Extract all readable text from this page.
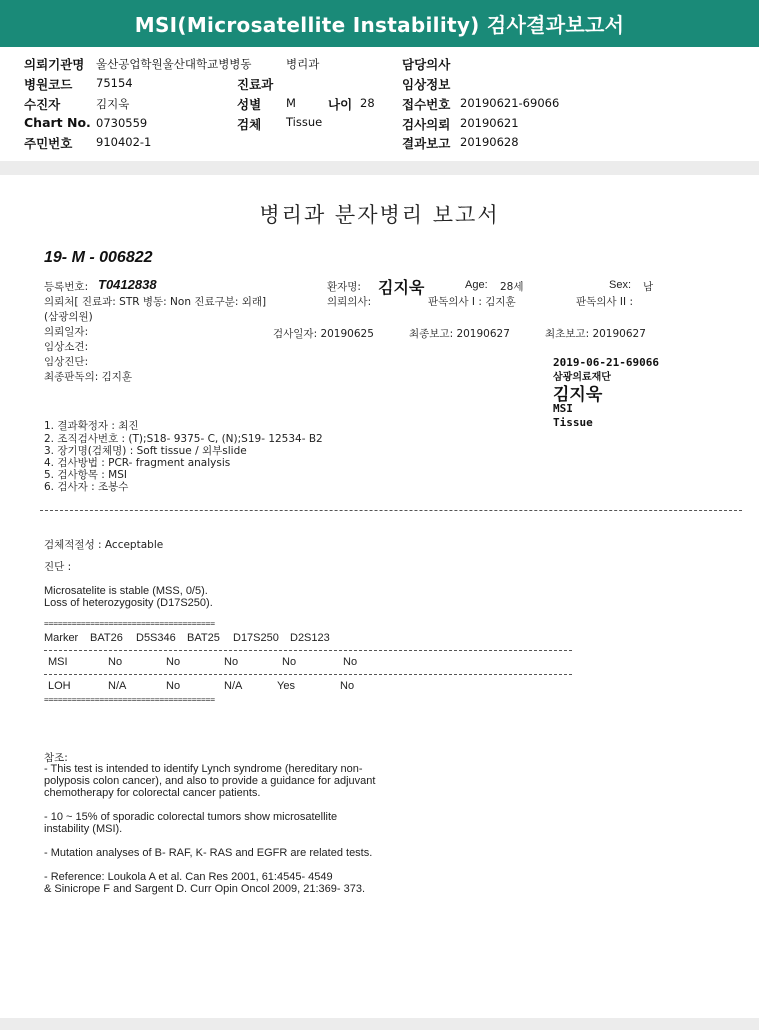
MSI(Microsatellite Instability) 검사결과보고서
의뢰기관명 울산공업학원울산대학교병병동	병리과	담당의사
병원코드 75154	진료과	임상정보
수진자	김지욱	성별 M	나이 28 접수번호 20190621-69066
Chart No. 0730559	검체 Tissue	검사의뢰 20190621
주민번호 910402-1	결과보고 20190628
병리과 분자병리 보고서
19- M - 006822
등록번호: T0412838	환자명: 김지욱	Age: 28세	Sex: 남
의뢰처[ 진료과: STR 병동: Non 진료구분: 외래]	의뢰의사:	판독의사 I : 김지훈	판독의사 II :
(삼광의원)
의뢰일자:	검사일자: 20190625	최종보고: 20190627	최초보고: 20190627
임상소견:
임상진단:
최종판독의: 김지훈
2019-06-21-69066
삼광의료재단
김지욱
MSI
Tissue
1. 결과확정자 : 최진
2. 조직검사번호 : (T);S18- 9375- C, (N);S19- 12534- B2
3. 장기명(검체명) : Soft tissue / 외부slide
4. 검사방법 : PCR- fragment analysis
5. 검사항목 : MSI
6. 검사자 : 조봉수
검체적절성 : Acceptable
진단 :
Microsatelite is stable (MSS, 0/5).
Loss of heterozygosity (D17S250).
=====================================
Marker BAT26 D5S346 BAT25 D17S250 D2S123
MSI	No	No	No	No	No
LOH	N/A	No	N/A	Yes	No
=====================================
참조:
- This test is intended to identify Lynch syndrome (hereditary non-
polyposis colon cancer), and also to provide a guidance for adjuvant
chemotherapy for colorectal cancer patients.
- 10 ~ 15% of sporadic colorectal tumors show microsatellite
instability (MSI).
- Mutation analyses of B- RAF, K- RAS and EGFR are related tests.
- Reference: Loukola A et al. Can Res 2001, 61:4545- 4549
& Sinicrope F and Sargent D. Curr Opin Oncol 2009, 21:369- 373.
